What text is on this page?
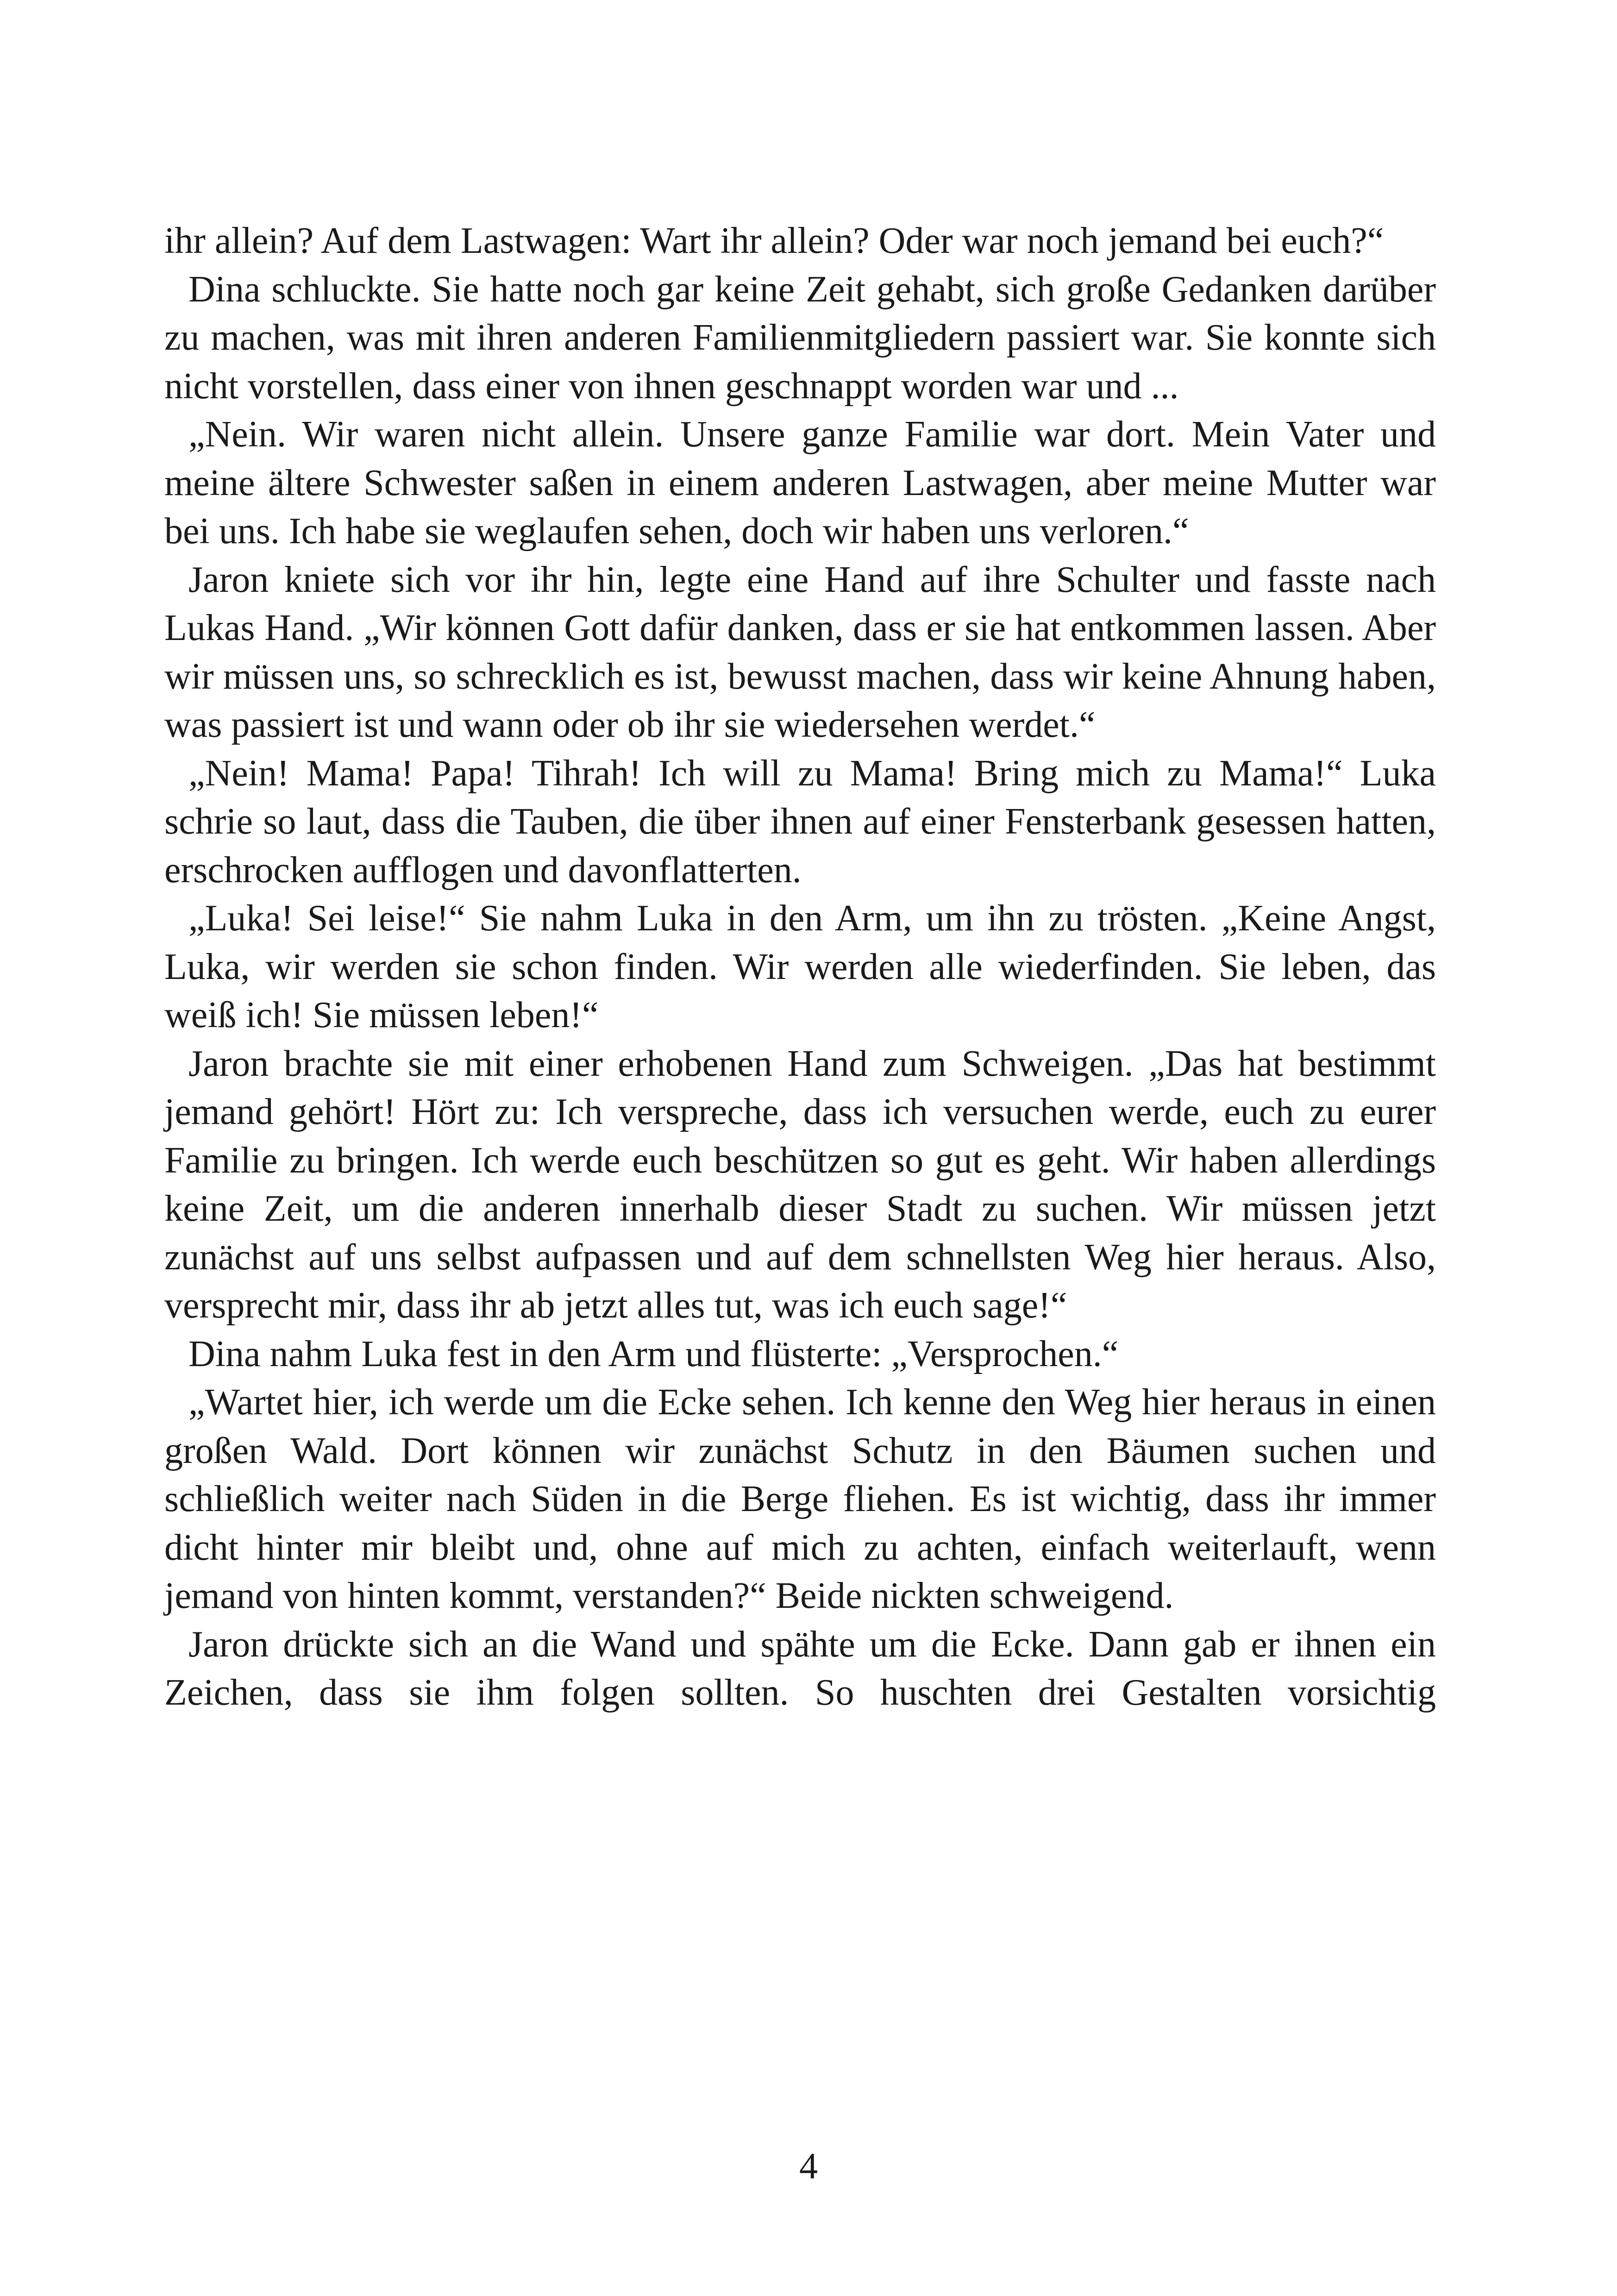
ihr allein? Auf dem Lastwagen: Wart ihr allein? Oder war noch jemand bei euch?“

Dina schluckte. Sie hatte noch gar keine Zeit gehabt, sich große Gedanken darüber zu machen, was mit ihren anderen Familienmitgliedern passiert war. Sie konnte sich nicht vorstellen, dass einer von ihnen geschnappt worden war und ...

„Nein. Wir waren nicht allein. Unsere ganze Familie war dort. Mein Vater und meine ältere Schwester saßen in einem anderen Lastwagen, aber meine Mutter war bei uns. Ich habe sie weglaufen sehen, doch wir haben uns verloren.“

Jaron kniete sich vor ihr hin, legte eine Hand auf ihre Schulter und fasste nach Lukas Hand. „Wir können Gott dafür danken, dass er sie hat entkommen lassen. Aber wir müssen uns, so schrecklich es ist, bewusst machen, dass wir keine Ahnung haben, was passiert ist und wann oder ob ihr sie wiedersehen werdet.“

„Nein! Mama! Papa! Tihrah! Ich will zu Mama! Bring mich zu Mama!“ Luka schrie so laut, dass die Tauben, die über ihnen auf einer Fensterbank gesessen hatten, erschrocken aufflogen und davonflatterten.

„Luka! Sei leise!“ Sie nahm Luka in den Arm, um ihn zu trösten. „Keine Angst, Luka, wir werden sie schon finden. Wir werden alle wiederfinden. Sie leben, das weiß ich! Sie müssen leben!“

Jaron brachte sie mit einer erhobenen Hand zum Schweigen. „Das hat bestimmt jemand gehört! Hört zu: Ich verspreche, dass ich versuchen werde, euch zu eurer Familie zu bringen. Ich werde euch beschützen so gut es geht. Wir haben allerdings keine Zeit, um die anderen innerhalb dieser Stadt zu suchen. Wir müssen jetzt zunächst auf uns selbst aufpassen und auf dem schnellsten Weg hier heraus. Also, versprecht mir, dass ihr ab jetzt alles tut, was ich euch sage!“

Dina nahm Luka fest in den Arm und flüsterte: „Versprochen.“

„Wartet hier, ich werde um die Ecke sehen. Ich kenne den Weg hier heraus in einen großen Wald. Dort können wir zunächst Schutz in den Bäumen suchen und schließlich weiter nach Süden in die Berge fliehen. Es ist wichtig, dass ihr immer dicht hinter mir bleibt und, ohne auf mich zu achten, einfach weiterlauft, wenn jemand von hinten kommt, verstanden?“ Beide nickten schweigend.

Jaron drückte sich an die Wand und spähte um die Ecke. Dann gab er ihnen ein Zeichen, dass sie ihm folgen sollten. So huschten drei Gestalten vorsichtig

4
